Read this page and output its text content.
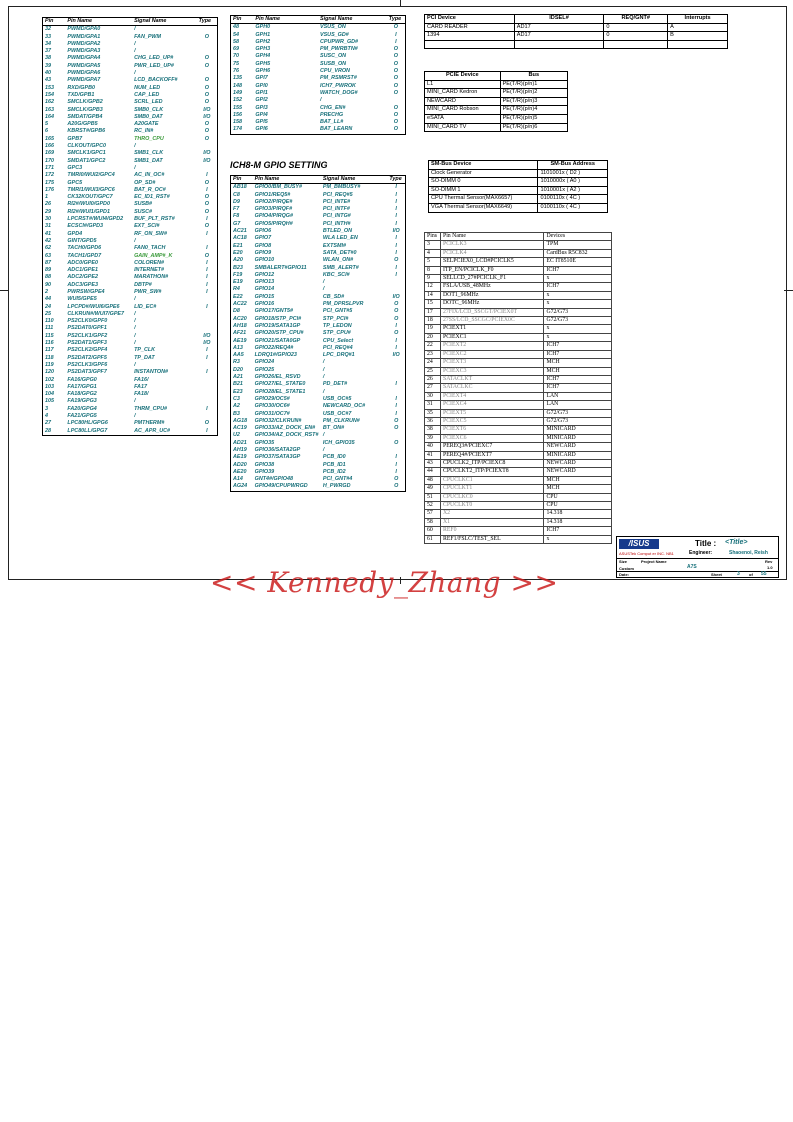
Pin	Pin Name	Signal Name	Type
32	PWMD/GPA0	/	
33	PWMD/GPA1	FAN_PWM	O
34	PWMD/GPA2	/	
37	PWMD/GPA3	/	
38	PWMD/GPA4	CHG_LED_UP#	O
39	PWMD/GPA5	PWR_LED_UP#	O
40	PWMD/GPA6	/	
43	PWMD/GPA7	LCD_BACKOFF#	O
153	RXD/GPB0	NUM_LED	O
154	TXD/GPB1	CAP_LED	O
162	SMCLK/GPB2	SCRL_LED	O
163	SMCLK/GPB3	SMB0_CLK	I/O
164	SMDAT/GPB4	SMB0_DAT	I/O
5	A20G/GPB5	A20GATE	O
6	KBRST#/GPB6	RC_IN#	O
165	GPB7	THRO_CPU	O
166	CLKOUT/GPC0	/	
169	SMCLK1/GPC1	SMB1_CLK	I/O
170	SMDAT1/GPC2	SMB1_DAT	I/O
171	GPC3	/	
172	TMRI0/WUI2/GPC4	AC_IN_OC#	I
175	GPC5	OP_SD#	O
176	TMRI1/WUI3/GPC6	BAT_R_OC#	I
1	CK32KOUT/GPC7	EC_ID1_RST#	O
26	RI2#/WUI0/GPD0	SUSB#	O
29	RI2#/WUI1/GPD1	SUSC#	O
30	LPCRST#/WUI4/GPD2	BUF_PLT_RST#	I
31	ECSCI#/GPD3	EXT_SCI#	O
41	GPD4	RF_ON_SW#	I
42	GINT/GPD5	/	
62	TACH0/GPD6	FAN0_TACH	I
63	TACH1/GPD7	GAIN_AMP#_K	O
87	ADC0/GPE0	COLOREN#	I
89	ADC1/GPE1	INTERNET#	I
88	ADC2/GPE2	MARATHON#	I
90	ADC3/GPE3	DBTP#	I
2	PWRSW/GPE4	PWR_SW#	I
44	WUI5/GPE5	/	
24	LPCPD#/WUI6/GPE6	LID_EC#	I
25	CLKRUN#/WUI7/GPE7	/	
110	PS2CLK0/GPF0	/	
111	PS2DAT0/GPF1	/	
115	PS2CLK1/GPF2	/	I/O
116	PS2DAT1/GPF3	/	I/O
117	PS2CLK2/GPF4	TP_CLK	I
118	PS2DAT2/GPF5	TP_DAT	I
119	PS2CLK3/GPF6	/	
120	PS2DAT3/GPF7	INSTANTON#	I
102	FA16/GPG0	FA16/	
103	FA17/GPG1	FA17	
104	FA18/GPG2	FA18/	
105	FA19/GPG3	/	
3	FA20/GPG4	THRM_CPU#	I
4	FA21/GPG5	/	
27	LPC80HL/GPG6	PMTHERM#	O
28	LPC80LL/GPG7	AC_APR_UC#	I
Pin	Pin Name	Signal Name	Type
48	GPH0	VSUS_ON	O
54	GPH1	VSUS_GD#	I
58	GPH2	CPUPWR_GD#	I
69	GPH3	PM_PWRBTN#	O
70	GPH4	SUSC_ON	O
75	GPH5	SUSB_ON	O
76	GPH6	CPU_VRON	O
135	GPI7	PM_RSMRST#	O
148	GPI0	ICH7_PWROK	O
149	GPI1	WATCH_DOG#	O
152	GPI2	/	
155	GPI3	CHG_EN#	O
156	GPI4	PRECHG	O
158	GPI5	BAT_LL#	O
174	GPI6	BAT_LEARN	O
ICH8-M GPIO SETTING
Pin	Pin Name	Signal Name	Type
AB18	GPIO0/BM_BUSY#	PM_BMBUSY#	I
C8	GPIO1/REQ5#	PCI_REQ#5	I
D9	GPIO2/PIRQE#	PCI_INTE#	I
F7	GPIO3/PIRQF#	PCI_INTF#	I
F8	GPIO4/PIRQG#	PCI_INTG#	I
G7	GPIO5/PIRQH#	PCI_INTH#	I
AC21	GPIO6	BTLED_ON	I/O
AC18	GPIO7	WLA LED_EN	I
E21	GPIO8	EXTSMI#	I
E20	GPIO9	SATA_DET#0	I
A20	GPIO10	WLAN_ON#	O
B23	SMBALERT#GPIO11	SMB_ALERT#	I
F19	GPIO12	KBC_SCI#	I
E19	GPIO13	/	
R4	GPIO14	/	
E22	GPIO15	CB_SD#	I/O
AC22	GPIO16	PM_DPRSLPVR	O
D8	GPIO17/GNT5#	PCI_GNT#5	O
AC20	GPIO18/STP_PCI#	STP_PCI#	O
AH18	GPIO19/SATA1GP	TP_LEDON	I
AF21	GPIO20/STP_CPU#	STP_CPU#	O
AE19	GPIO21/SATA0GP	CPU_Select	I
A13	GPIO22/REQ4#	PCI_REQ#4	I
AA5	LDRQ1#/GPIO23	LPC_DRQ#1	I/O
R3	GPIO24	/	
D20	GPIO25	/	
A21	GPIO26/EL_RSVD	/	
B21	GPIO27/EL_STATE0	PD_DET#	I
E23	GPIO28/EL_STATE1	/	
C3	GPIO29/OC5#	USB_OC#5	I
A2	GPIO30/OC6#	NEWCARD_OC#	I
B3	GPIO31/OC7#	USB_OC#7	I
AG18	GPIO32/CLKRUN#	PM_CLKRUN#	O
AC19	GPIO33/AZ_DOCK_EN#	BT_ON#	O
U2	GPIO34/AZ_DOCK_RST#	/	
AD21	GPIO35	ICH_GPIO35	O
AH19	GPIO36/SATA2GP	/	
AE19	GPIO37/SATA3GP	PCB_ID0	I
AD20	GPIO38	PCB_ID1	I
AE20	GPIO39	PCB_ID2	I
A14	GNT4#/GPIO48	PCI_GNT#4	O
AG24	GPIO49/CPUPWRGD	H_PWRGD	O
PCI Device	IDSEL#	REQ/GNT#	Interrupts
CARD READER	AD17	0	A
1394	AD17	0	B

PCIE Device	Bus
L1	PE(T/R)(p/n)1
MINI_CARD Kedron	PE(T/R)(p/n)2
NEWCARD	PE(T/R)(p/n)3
MINI_CARD Robson	PE(T/R)(p/n)4
eSATA	PE(T/R)(p/n)5
MINI_CARD TV	PE(T/R)(p/n)6
SM-Bus Device	SM-Bus Address
Clock Generator	1101001x ( D2 )
SO-DIMM 0	1010000x ( A0 )
SO-DIMM 1	1010001x ( A2 )
CPU Thermal Sensor(MAX6657)	0100110x ( 4C )
VGA Thermal Sensor(MAX6649)	0100110x ( 4C )
Pins	Pin Name	Devices
3	PCICLK3	TPM
4	PCICLK4	CardBus R5C832
5	SELPCIEX0_LCD#PCICLK5	EC IT8510E
8	ITP_EN/PCICLK_F0	ICH7
9	SELLCD_27#PCICLK_F1	x
12	FSLA/USB_48MHz	ICH7
14	DOT1_96MHz	x
15	DOTC_96MHz	x
17	27FIX/LCD_SSCGT/PCIEX0T	G72/G73
18	27SS/LCD_SSCGC/PCIEX0C	G72/G73
19	PCIEXT1	x
20	PCIEXC1	x
22	PCIEXT2	ICH7
23	PCIEXC2	ICH7
24	PCIEXT3	MCH
25	PCIEXC3	MCH
26	SATACLKT	ICH7
27	SATACLKC	ICH7
30	PCIEXT4	LAN
31	PCIEXC4	LAN
35	PCIEXT5	G72/G73
36	PCIEXC5	G72/G73
38	PCIEXT6	MINICARD
39	PCIEXC6	MINICARD
40	PEREQ3#/PCIEXC7	NEWCARD
41	PEREQ4#/PCIEXT7	MINICARD
43	CPUCLK2_ITP/PCIEXC8	NEWCARD
44	CPUCLKT2_ITP/PCIEXT8	NEWCARD
48	CPUCLKC1	MCH
49	CPUCLKT1	MCH
51	CPUCLKC0	CPU
52	CPUCLKT0	CPU
57	X2	14.318
58	X1	14.318
60	REF0	ICH7
61	REF1/FSLC/TEST_SEL	x
/ISUS
ASUSTek Comput er INC. NB1
Title : <Title>
Engineer:	Shaoenoi, Reish
Size	Project Name	Rev
Custom	A7S	1.0
Date:	Sheet	3 of 55
<< Kennedy_Zhang >>
